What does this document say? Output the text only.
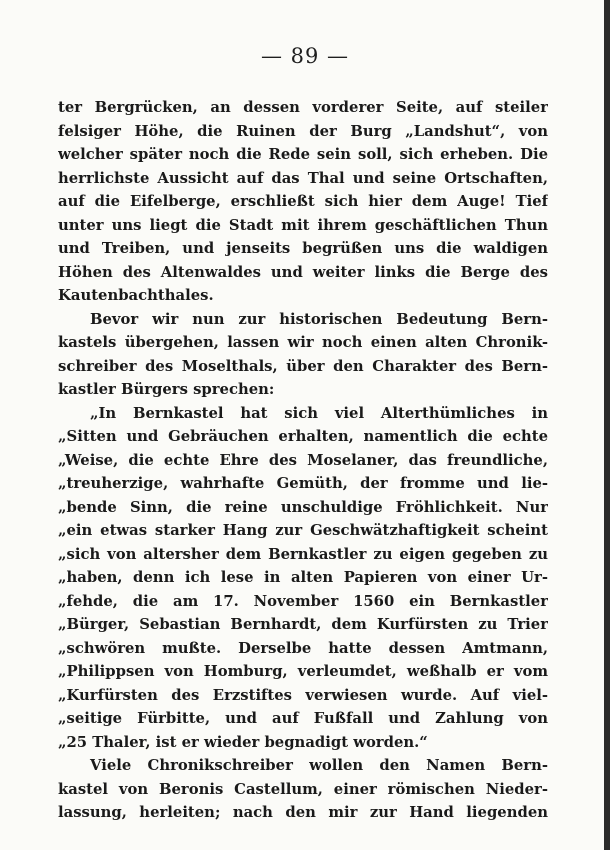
— 89 —
ter Bergrücken, an dessen vorderer Seite, auf steiler
felsiger Höhe, die Ruinen der Burg „Landshut“, von
welcher später noch die Rede sein soll, sich erheben. Die
herrlichste Aussicht auf das Thal und seine Ortschaften,
auf die Eifelberge, erschließt sich hier dem Auge! Tief
unter uns liegt die Stadt mit ihrem geschäftlichen Thun
und Treiben, und jenseits begrüßen uns die waldigen
Höhen des Altenwaldes und weiter links die Berge des
Kautenbachthales.
Bevor wir nun zur historischen Bedeutung Bern-
kastels übergehen, lassen wir noch einen alten Chronik-
schreiber des Moselthals, über den Charakter des Bern-
kastler Bürgers sprechen:
„In Bernkastel hat sich viel Alterthümliches in
„Sitten und Gebräuchen erhalten, namentlich die echte
„Weise, die echte Ehre des Moselaner, das freundliche,
„treuherzige, wahrhafte Gemüth, der fromme und lie-
„bende Sinn, die reine unschuldige Fröhlichkeit. Nur
„ein etwas starker Hang zur Geschwätzhaftigkeit scheint
„sich von altersher dem Bernkastler zu eigen gegeben zu
„haben, denn ich lese in alten Papieren von einer Ur-
„fehde, die am 17. November 1560 ein Bernkastler
„Bürger, Sebastian Bernhardt, dem Kurfürsten zu Trier
„schwören mußte. Derselbe hatte dessen Amtmann,
„Philippsen von Homburg, verleumdet, weßhalb er vom
„Kurfürsten des Erzstiftes verwiesen wurde. Auf viel-
„seitige Fürbitte, und auf Fußfall und Zahlung von
„25 Thaler, ist er wieder begnadigt worden.“
Viele Chronikschreiber wollen den Namen Bern-
kastel von Beronis Castellum, einer römischen Nieder-
lassung, herleiten; nach den mir zur Hand liegenden
